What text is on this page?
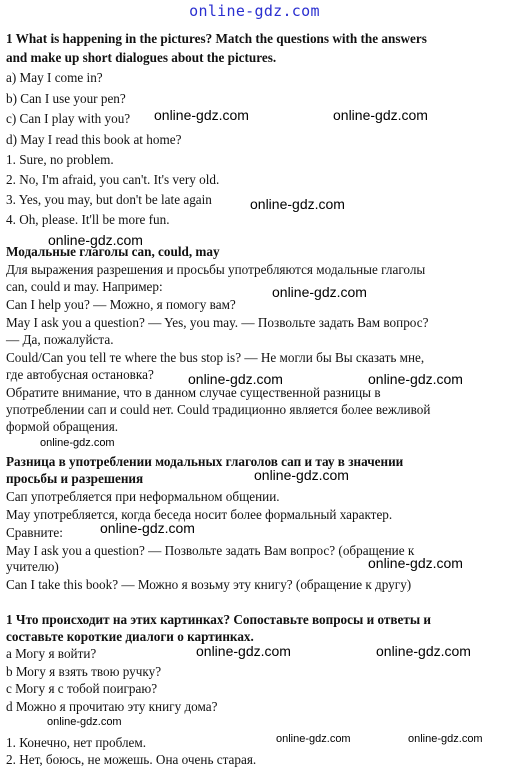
online-gdz.com
1 What is happening in the pictures? Match the questions with the answers
and make up short dialogues about the pictures.
a) May I come in?
b) Can I use your pen?
c) Can I play with you?
d) May I read this book at home?
1. Sure, no problem.
2. No, I'm afraid, you can't. It's very old.
3. Yes, you may, but don't be late again
4. Oh, please. It'll be more fun.
Модальные глаголы can, could, may
Для выражения разрешения и просьбы употребляются модальные глаголы
can, could и may. Например:
Can I help you? — Можно, я помогу вам?
May I ask you a question? — Yes, you may. — Позвольте задать Вам вопрос?
— Да, пожалуйста.
Could/Can you tell те where the bus stop is? — Не могли бы Вы сказать мне,
где автобусная остановка?
Обратите внимание, что в данном случае существенной разницы в
употреблении сап и could нет. Could традиционно является более вежливой
формой обращения.
Разница в употреблении модальных глаголов сап и тау в значении
просьбы и разрешения
Сап употребляется при неформальном общении.
May употребляется, когда беседа носит более формальный характер.
Сравните:
May I ask you a question? — Позвольте задать Вам вопрос? (обращение к
учителю)
Can I take this book? — Можно я возьму эту книгу? (обращение к другу)
1 Что происходит на этих картинках? Сопоставьте вопросы и ответы и
составьте короткие диалоги о картинках.
а Могу я войти?
b Могу я взять твою ручку?
с Могу я с тобой поиграю?
d Можно я прочитаю эту книгу дома?
1. Конечно, нет проблем.
2. Нет, боюсь, не можешь. Она очень старая.
online-gdz.com	online-gdz.com
online-gdz.com
online-gdz.com
online-gdz.com
online-gdz.com	online-gdz.com
online-gdz.com
online-gdz.com
online-gdz.com
online-gdz.com
online-gdz.com	online-gdz.com
online-gdz.com
online-gdz.com	online-gdz.com
